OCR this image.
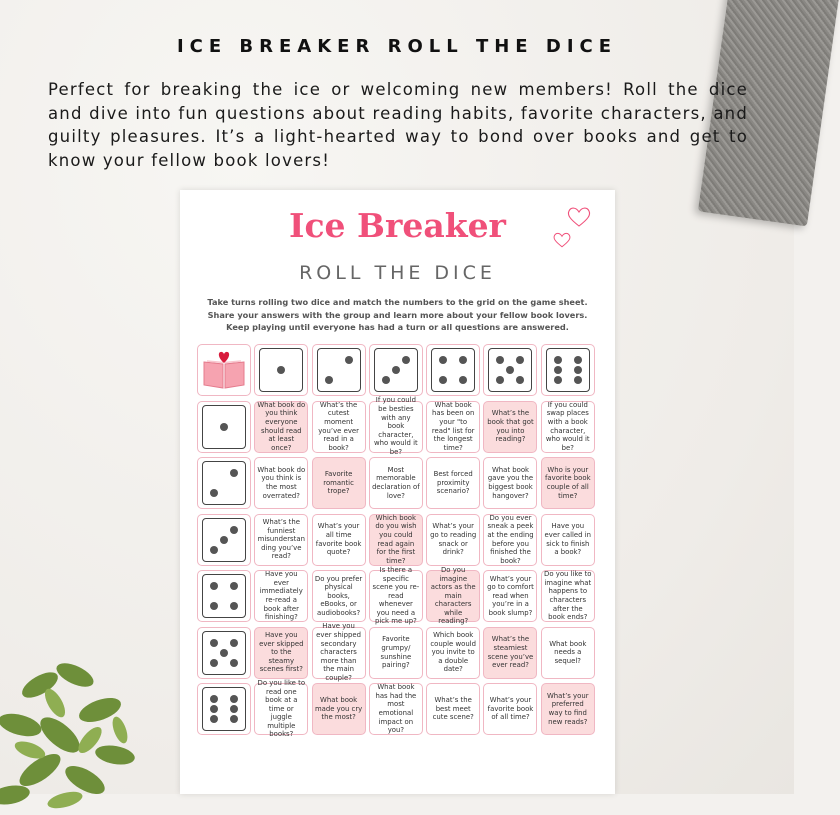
ICE BREAKER ROLL THE DICE
Perfect for breaking the ice or welcoming new members! Roll the dice and dive into fun questions about reading habits, favorite characters, and guilty pleasures. It’s a light-hearted way to bond over books and get to know your fellow book lovers!
Ice Breaker
ROLL THE DICE
Take turns rolling two dice and match the numbers to the grid on the game sheet. Share your answers with the group and learn more about your fellow book lovers. Keep playing until everyone has had a turn or all questions are answered.
What book do you think everyone should read at least once?
What’s the cutest moment you’ve ever read in a book?
If you could be besties with any book character, who would it be?
What book has been on your "to read" list for the longest time?
What’s the book that got you into reading?
If you could swap places with a book character, who would it be?
What book do you think is the most overrated?
Favorite romantic trope?
Most memorable declaration of love?
Best forced proximity scenario?
What book gave you the biggest book hangover?
Who is your favorite book couple of all time?
What’s the funniest misunderstan ding you’ve read?
What’s your all time favorite book quote?
Which book do you wish you could read again for the first time?
What’s your go to reading snack or drink?
Do you ever sneak a peek at the ending before you finished the book?
Have you ever called in sick to finish a book?
Have you ever immediately re-read a book after finishing?
Do you prefer physical books, eBooks, or audiobooks?
Is there a specific scene you re-read whenever you need a pick me up?
Do you imagine actors as the main characters while reading?
What’s your go to comfort read when you’re in a book slump?
Do you like to imagine what happens to characters after the book ends?
Have you ever skipped to the steamy scenes first?
Have you ever shipped secondary characters more than the main couple?
Favorite grumpy/ sunshine pairing?
Which book couple would you invite to a double date?
What’s the steamiest scene you’ve ever read?
What book needs a sequel?
Do you like to read one book at a time or juggle multiple books?
What book made you cry the most?
What book has had the most emotional impact on you?
What’s the best meet cute scene?
What’s your favorite book of all time?
What’s your preferred way to find new reads?
